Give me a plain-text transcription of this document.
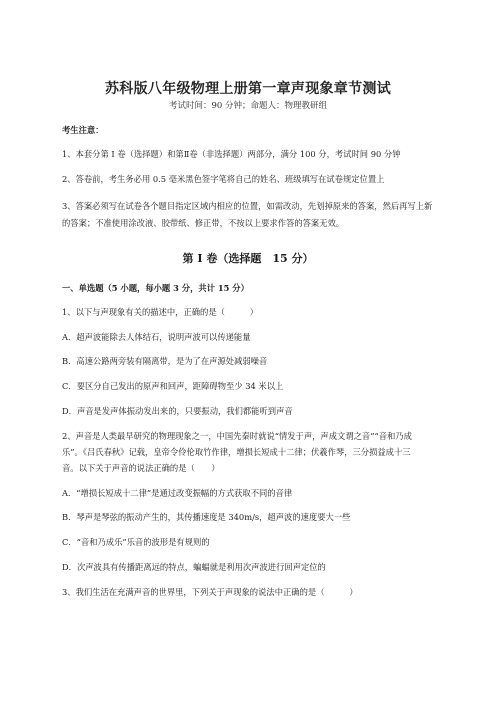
苏科版八年级物理上册第一章声现象章节测试
考试时间：90 分钟；命题人：物理教研组
考生注意：
1、本套分第 I 卷（选择题）和第Ⅱ卷（非选择题）两部分，满分 100 分，考试时间 90 分钟
2、答卷前，考生务必用 0.5 毫米黑色签字笔将自己的姓名、班级填写在试卷规定位置上
3、答案必须写在试卷各个题目指定区域内相应的位置，如需改动，先划掉原来的答案，然后再写上新
的答案；不准使用涂改液、胶带纸、修正带，不按以上要求作答的答案无效。
第 I 卷（选择题　15 分）
一、单选题（5 小题，每小题 3 分，共计 15 分）
1、以下与声现象有关的描述中，正确的是（　　　）
A．超声波能除去人体结石，说明声波可以传递能量
B．高速公路两旁装有隔离带，是为了在声源处减弱噪音
C．要区分自己发出的原声和回声，距障碍物至少 34 米以上
D．声音是发声体振动发出来的，只要振动，我们都能听到声音
2、声音是人类最早研究的物理现象之一，中国先秦时就说“情发于声，声成文谓之音”“音和乃成
乐”。《吕氏春秋》记载，皇帝令伶伦取竹作律，增损长短成十二律；伏羲作琴，三分损益成十三
音。以下关于声音的说法正确的是（　　）
A．“增损长短成十二律”是通过改变振幅的方式获取不同的音律
B．琴声是琴弦的振动产生的，其传播速度是 340m/s，超声波的速度要大一些
C．“音和乃成乐”乐音的波形是有规则的
D．次声波具有传播距离远的特点，蝙蝠就是利用次声波进行回声定位的
3、我们生活在充满声音的世界里，下列关于声现象的说法中正确的是（　　　）
